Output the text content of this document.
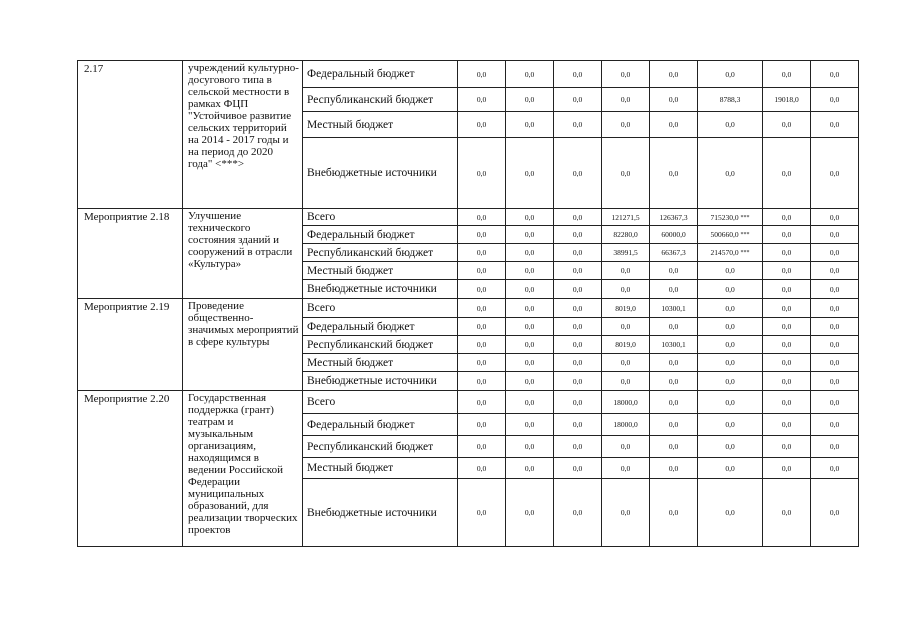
2.17	учреждений культурно-досугового типа в сельской местности в рамках ФЦП "Устойчивое развитие сельских территорий на 2014 - 2017 годы и на период до 2020 года" <***>	Федеральный бюджет	0,0	0,0	0,0	0,0	0,0	0,0	0,0	0,0
		Республиканский бюджет	0,0	0,0	0,0	0,0	0,0	8788,3	19018,0	0,0
		Местный бюджет	0,0	0,0	0,0	0,0	0,0	0,0	0,0	0,0
		Внебюджетные источники	0,0	0,0	0,0	0,0	0,0	0,0	0,0	0,0
Мероприятие 2.18	Улучшение технического состояния зданий и сооружений в отрасли «Культура»	Всего	0,0	0,0	0,0	121271,5	126367,3	715230,0 ***	0,0	0,0
		Федеральный бюджет	0,0	0,0	0,0	82280,0	60000,0	500660,0 ***	0,0	0,0
		Республиканский бюджет	0,0	0,0	0,0	38991,5	66367,3	214570,0 ***	0,0	0,0
		Местный бюджет	0,0	0,0	0,0	0,0	0,0	0,0	0,0	0,0
		Внебюджетные источники	0,0	0,0	0,0	0,0	0,0	0,0	0,0	0,0
Мероприятие 2.19	Проведение общественно-значимых мероприятий в сфере культуры	Всего	0,0	0,0	0,0	8019,0	10300,1	0,0	0,0	0,0
		Федеральный бюджет	0,0	0,0	0,0	0,0	0,0	0,0	0,0	0,0
		Республиканский бюджет	0,0	0,0	0,0	8019,0	10300,1	0,0	0,0	0,0
		Местный бюджет	0,0	0,0	0,0	0,0	0,0	0,0	0,0	0,0
		Внебюджетные источники	0,0	0,0	0,0	0,0	0,0	0,0	0,0	0,0
Мероприятие 2.20	Государственная поддержка (грант) театрам и музыкальным организациям, находящимся в ведении Российской Федерации муниципальных образований, для реализации творческих проектов	Всего	0,0	0,0	0,0	18000,0	0,0	0,0	0,0	0,0
		Федеральный бюджет	0,0	0,0	0,0	18000,0	0,0	0,0	0,0	0,0
		Республиканский бюджет	0,0	0,0	0,0	0,0	0,0	0,0	0,0	0,0
		Местный бюджет	0,0	0,0	0,0	0,0	0,0	0,0	0,0	0,0
		Внебюджетные источники	0,0	0,0	0,0	0,0	0,0	0,0	0,0	0,0
